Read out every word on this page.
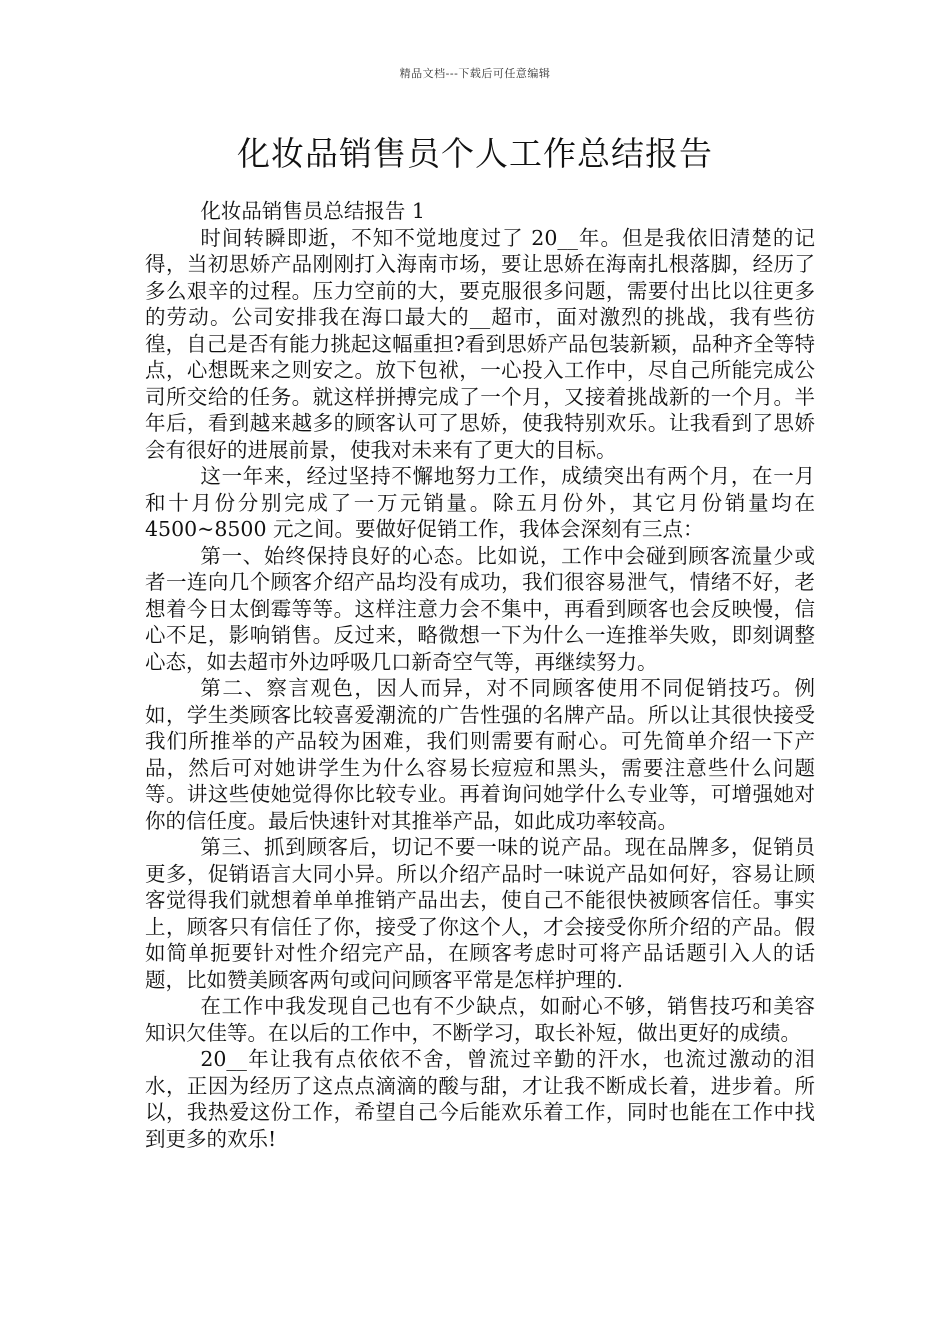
精品文档---下载后可任意编辑
化妆品销售员个人工作总结报告

化妆品销售员总结报告 1

时间转瞬即逝，不知不觉地度过了 20__年。但是我依旧清楚的记得，当初思娇产品刚刚打入海南市场，要让思娇在海南扎根落脚，经历了多么艰辛的过程。压力空前的大，要克服很多问题，需要付出比以往更多的劳动。公司安排我在海口最大的__超市，面对激烈的挑战，我有些彷徨，自己是否有能力挑起这幅重担?看到思娇产品包装新颖，品种齐全等特点，心想既来之则安之。放下包袱，一心投入工作中，尽自己所能完成公司所交给的任务。就这样拼搏完成了一个月，又接着挑战新的一个月。半年后，看到越来越多的顾客认可了思娇，使我特别欢乐。让我看到了思娇会有很好的进展前景，使我对未来有了更大的目标。

这一年来，经过坚持不懈地努力工作，成绩突出有两个月，在一月和十月份分别完成了一万元销量。除五月份外，其它月份销量均在 4500~8500 元之间。要做好促销工作，我体会深刻有三点：

第一、始终保持良好的心态。比如说，工作中会碰到顾客流量少或者一连向几个顾客介绍产品均没有成功，我们很容易泄气，情绪不好，老想着今日太倒霉等等。这样注意力会不集中，再看到顾客也会反映慢，信心不足，影响销售。反过来，略微想一下为什么一连推举失败，即刻调整心态，如去超市外边呼吸几口新奇空气等，再继续努力。

第二、察言观色，因人而异，对不同顾客使用不同促销技巧。例如，学生类顾客比较喜爱潮流的广告性强的名牌产品。所以让其很快接受我们所推举的产品较为困难，我们则需要有耐心。可先简单介绍一下产品，然后可对她讲学生为什么容易长痘痘和黑头，需要注意些什么问题等。讲这些使她觉得你比较专业。再着询问她学什么专业等，可增强她对你的信任度。最后快速针对其推举产品，如此成功率较高。

第三、抓到顾客后，切记不要一味的说产品。现在品牌多，促销员更多，促销语言大同小异。所以介绍产品时一味说产品如何好，容易让顾客觉得我们就想着单单推销产品出去，使自己不能很快被顾客信任。事实上，顾客只有信任了你，接受了你这个人，才会接受你所介绍的产品。假如简单扼要针对性介绍完产品，在顾客考虑时可将产品话题引入人的话题，比如赞美顾客两句或问问顾客平常是怎样护理的.

在工作中我发现自己也有不少缺点，如耐心不够，销售技巧和美容知识欠佳等。在以后的工作中，不断学习，取长补短，做出更好的成绩。

20__年让我有点依依不舍，曾流过辛勤的汗水，也流过激动的泪水，正因为经历了这点点滴滴的酸与甜，才让我不断成长着，进步着。所以，我热爱这份工作，希望自己今后能欢乐着工作，同时也能在工作中找到更多的欢乐!
